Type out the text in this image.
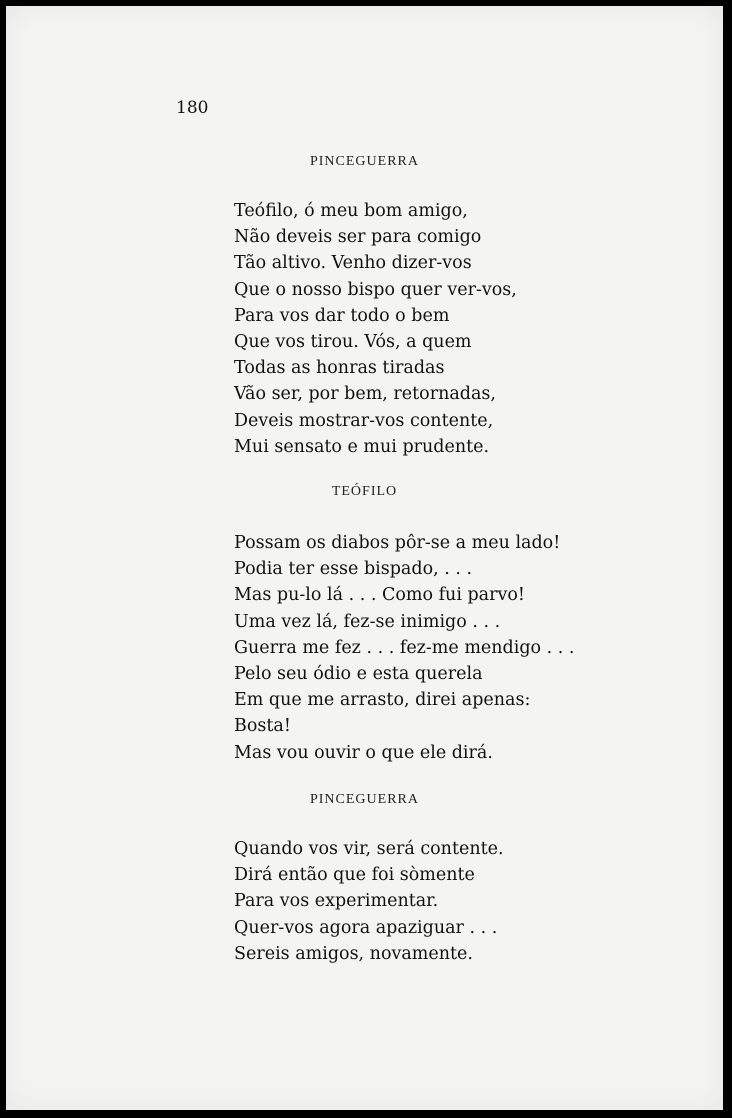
180
PINCEGUERRA
Teófilo, ó meu bom amigo,
Não deveis ser para comigo
Tão altivo. Venho dizer-vos
Que o nosso bispo quer ver-vos,
Para vos dar todo o bem
Que vos tirou. Vós, a quem
Todas as honras tiradas
Vão ser, por bem, retornadas,
Deveis mostrar-vos contente,
Mui sensato e mui prudente.
TEÓFILO
Possam os diabos pôr-se a meu lado!
Podia ter esse bispado, . . .
Mas pu-lo lá . . . Como fui parvo!
Uma vez lá, fez-se inimigo . . .
Guerra me fez . . . fez-me mendigo . . .
Pelo seu ódio e esta querela
Em que me arrasto, direi apenas:
Bosta!
Mas vou ouvir o que ele dirá.
PINCEGUERRA
Quando vos vir, será contente.
Dirá então que foi sòmente
Para vos experimentar.
Quer-vos agora apaziguar . . .
Sereis amigos, novamente.
